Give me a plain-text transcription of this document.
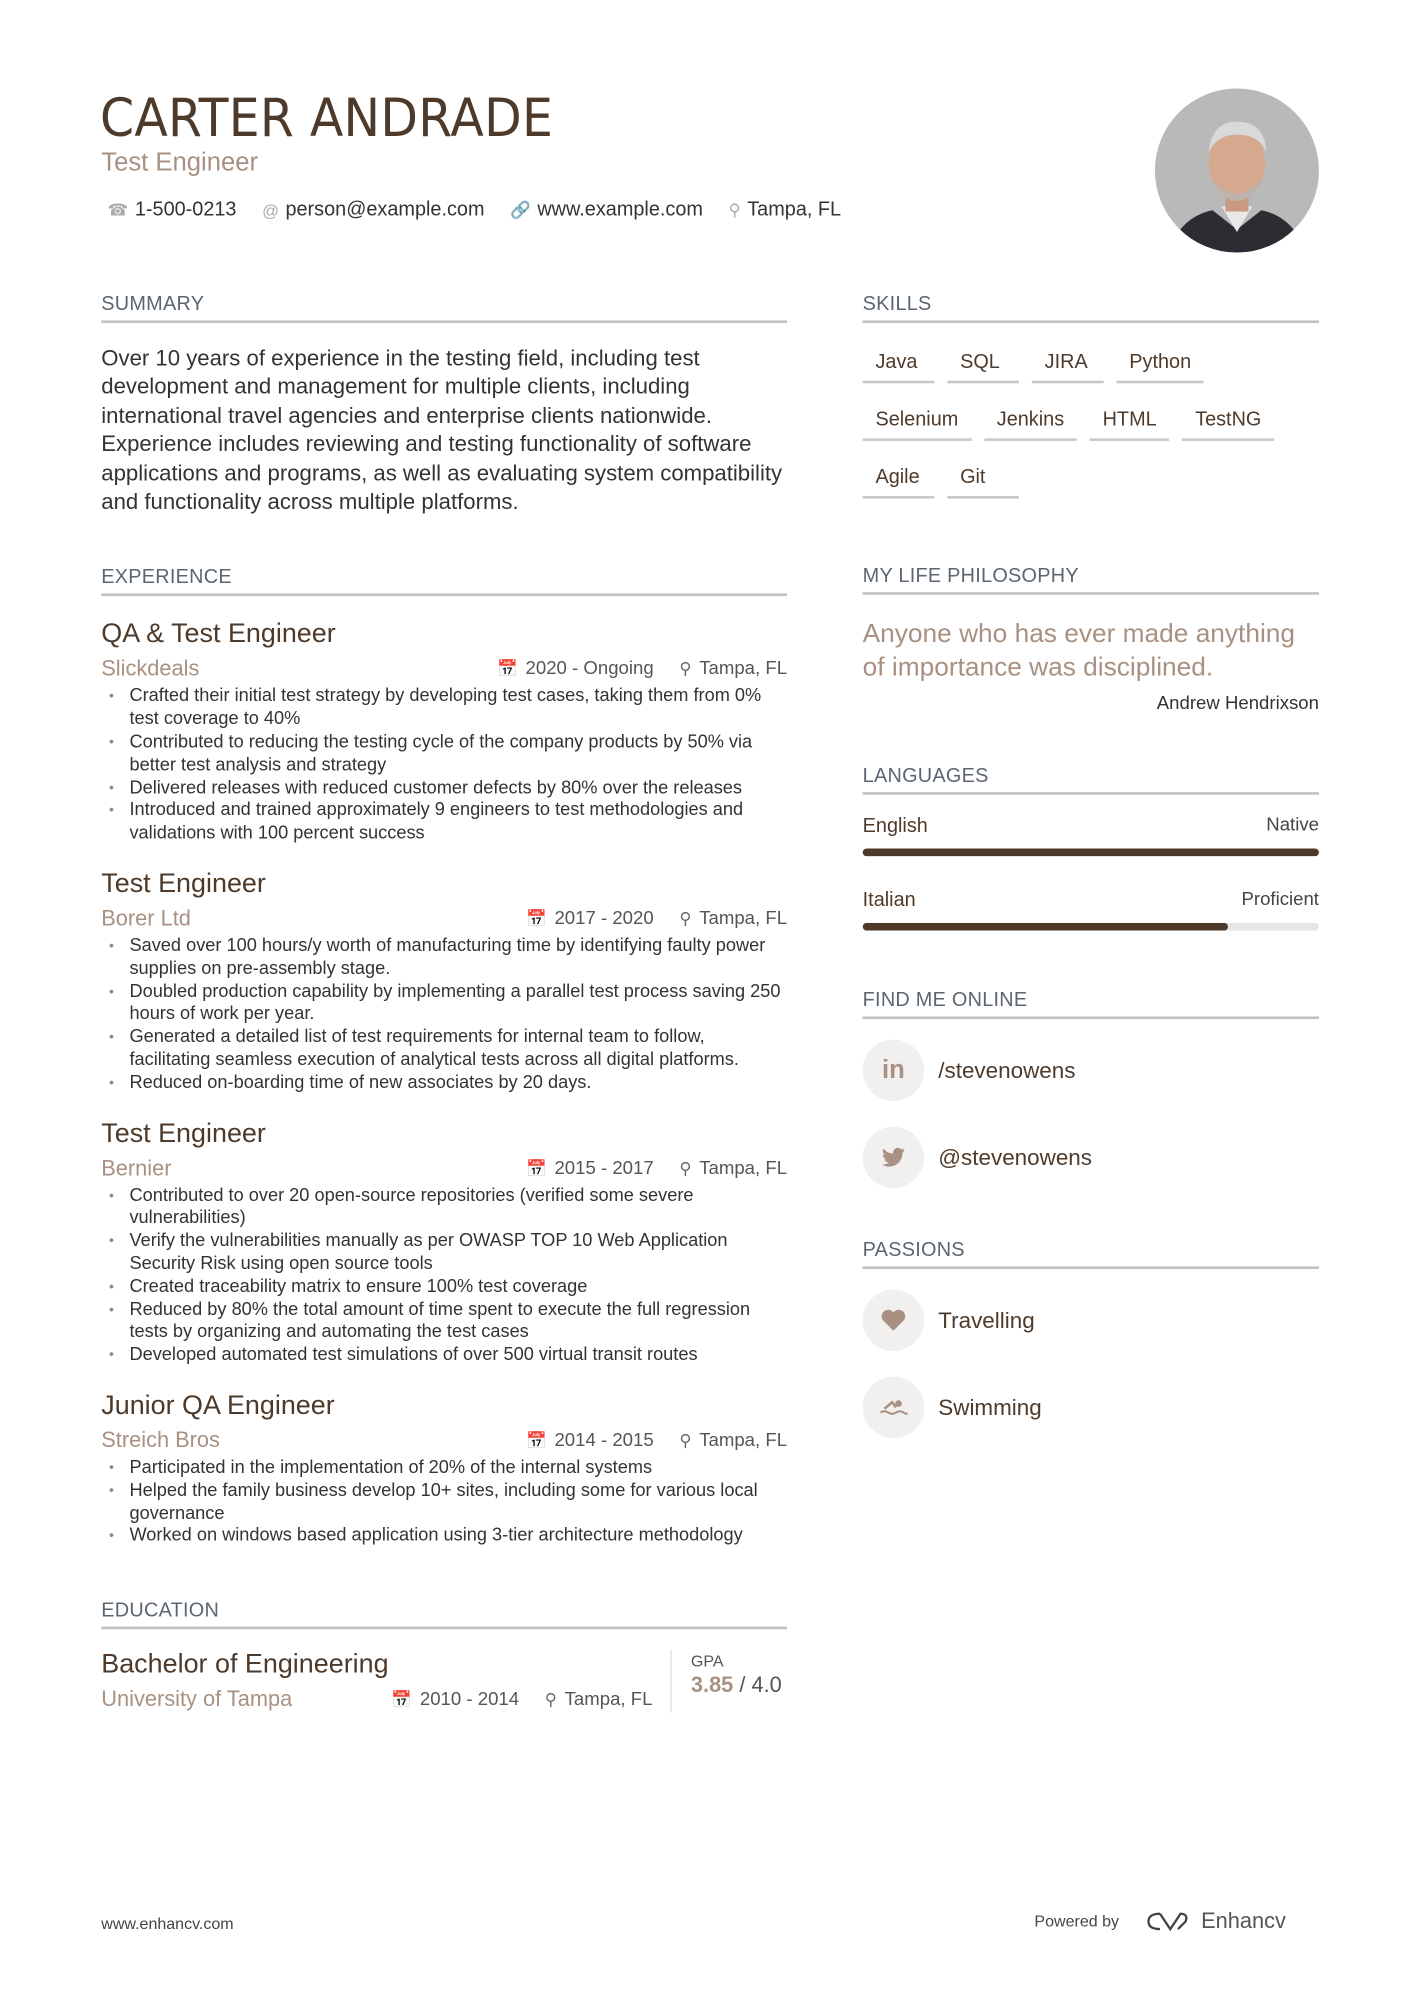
CARTER ANDRADE
Test Engineer
☎ 1-500-0213 @ person@example.com 🔗 www.example.com ⚲ Tampa, FL
SUMMARY
Over 10 years of experience in the testing field, including test development and management for multiple clients, including international travel agencies and enterprise clients nationwide. Experience includes reviewing and testing functionality of software applications and programs, as well as evaluating system compatibility and functionality across multiple platforms.
EXPERIENCE
QA & Test Engineer
Slickdeals	📅 2020 - Ongoing ⚲ Tampa, FL
• Crafted their initial test strategy by developing test cases, taking them from 0% test coverage to 40%
• Contributed to reducing the testing cycle of the company products by 50% via better test analysis and strategy
• Delivered releases with reduced customer defects by 80% over the releases
• Introduced and trained approximately 9 engineers to test methodologies and validations with 100 percent success
Test Engineer
Borer Ltd	📅 2017 - 2020 ⚲ Tampa, FL
• Saved over 100 hours/y worth of manufacturing time by identifying faulty power supplies on pre-assembly stage.
• Doubled production capability by implementing a parallel test process saving 250 hours of work per year.
• Generated a detailed list of test requirements for internal team to follow, facilitating seamless execution of analytical tests across all digital platforms.
• Reduced on-boarding time of new associates by 20 days.
Test Engineer
Bernier	📅 2015 - 2017 ⚲ Tampa, FL
• Contributed to over 20 open-source repositories (verified some severe vulnerabilities)
• Verify the vulnerabilities manually as per OWASP TOP 10 Web Application Security Risk using open source tools
• Created traceability matrix to ensure 100% test coverage
• Reduced by 80% the total amount of time spent to execute the full regression tests by organizing and automating the test cases
• Developed automated test simulations of over 500 virtual transit routes
Junior QA Engineer
Streich Bros	📅 2014 - 2015 ⚲ Tampa, FL
• Participated in the implementation of 20% of the internal systems
• Helped the family business develop 10+ sites, including some for various local governance
• Worked on windows based application using 3-tier architecture methodology
EDUCATION
Bachelor of Engineering
University of Tampa	📅 2010 - 2014 ⚲ Tampa, FL
GPA
3.85 / 4.0
SKILLS
Java	SQL	JIRA	Python
Selenium	Jenkins	HTML	TestNG
Agile	Git
MY LIFE PHILOSOPHY
Anyone who has ever made anything of importance was disciplined.
Andrew Hendrixson
LANGUAGES
English	Native
Italian	Proficient
FIND ME ONLINE
in	/stevenowens
@stevenowens
PASSIONS
Travelling
Swimming
www.enhancv.com	Powered by	Enhancv
